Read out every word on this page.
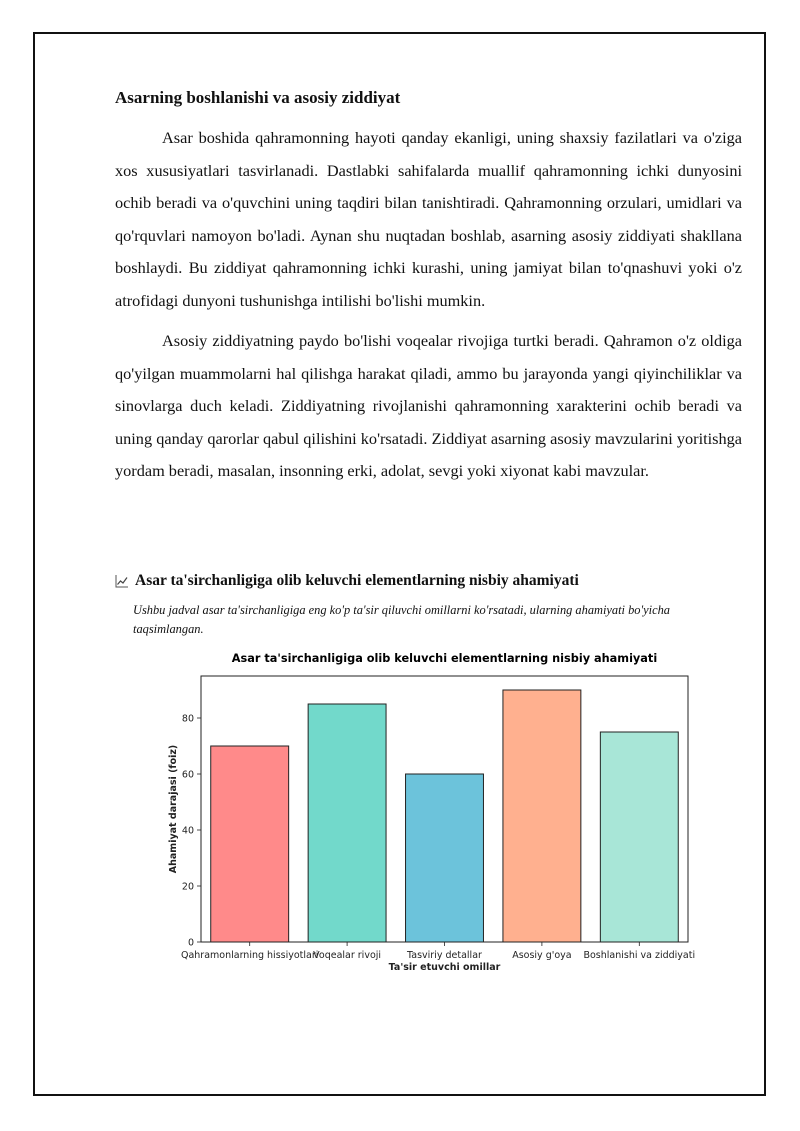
Asarning boshlanishi va asosiy ziddiyat

Asar boshida qahramonning hayoti qanday ekanligi, uning shaxsiy fazilatlari va o'ziga xos xususiyatlari tasvirlanadi. Dastlabki sahifalarda muallif qahramonning ichki dunyosini ochib beradi va o'quvchini uning taqdiri bilan tanishtiradi. Qahramonning orzulari, umidlari va qo'rquvlari namoyon bo'ladi. Aynan shu nuqtadan boshlab, asarning asosiy ziddiyati shakllana boshlaydi. Bu ziddiyat qahramonning ichki kurashi, uning jamiyat bilan to'qnashuvi yoki o'z atrofidagi dunyoni tushunishga intilishi bo'lishi mumkin.

Asosiy ziddiyatning paydo bo'lishi voqealar rivojiga turtki beradi. Qahramon o'z oldiga qo'yilgan muammolarni hal qilishga harakat qiladi, ammo bu jarayonda yangi qiyinchiliklar va sinovlarga duch keladi. Ziddiyatning rivojlanishi qahramonning xarakterini ochib beradi va uning qanday qarorlar qabul qilishini ko'rsatadi. Ziddiyat asarning asosiy mavzularini yoritishga yordam beradi, masalan, insonning erki, adolat, sevgi yoki xiyonat kabi mavzular.

Asar ta'sirchanligiga olib keluvchi elementlarning nisbiy ahamiyati
Ushbu jadval asar ta'sirchanligiga eng ko'p ta'sir qiluvchi omillarni ko'rsatadi, ularning ahamiyati bo'yicha taqsimlangan.
Asar ta'sirchanligiga olib keluvchi elementlarning nisbiy ahamiyati
Qahramonlarning hissiyotlari
Voqealar rivoji	Tasviriy detallar	Asosiy g'oya Boshlanishi va ziddiyati
0
20
40
60
80
Ta'sir etuvchi omillar
Ahamiyat darajasi (foiz)
